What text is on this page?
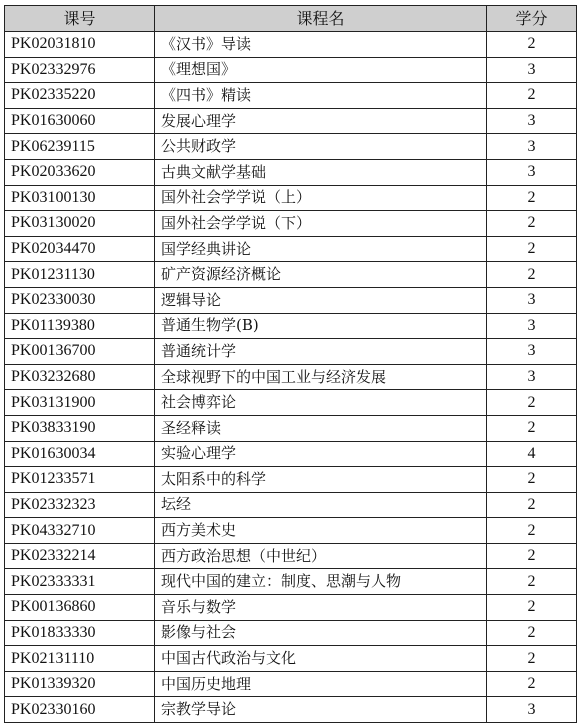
课号	课程名	学分
PK02031810	《汉书》导读	2
PK02332976	《理想国》	3
PK02335220	《四书》精读	2
PK01630060	发展心理学	3
PK06239115	公共财政学	3
PK02033620	古典文献学基础	3
PK03100130	国外社会学学说（上）	2
PK03130020	国外社会学学说（下）	2
PK02034470	国学经典讲论	2
PK01231130	矿产资源经济概论	2
PK02330030	逻辑导论	3
PK01139380	普通生物学(B)	3
PK00136700	普通统计学	3
PK03232680	全球视野下的中国工业与经济发展	3
PK03131900	社会博弈论	2
PK03833190	圣经释读	2
PK01630034	实验心理学	4
PK01233571	太阳系中的科学	2
PK02332323	坛经	2
PK04332710	西方美术史	2
PK02332214	西方政治思想（中世纪）	2
PK02333331	现代中国的建立：制度、思潮与人物	2
PK00136860	音乐与数学	2
PK01833330	影像与社会	2
PK02131110	中国古代政治与文化	2
PK01339320	中国历史地理	2
PK02330160	宗教学导论	3
